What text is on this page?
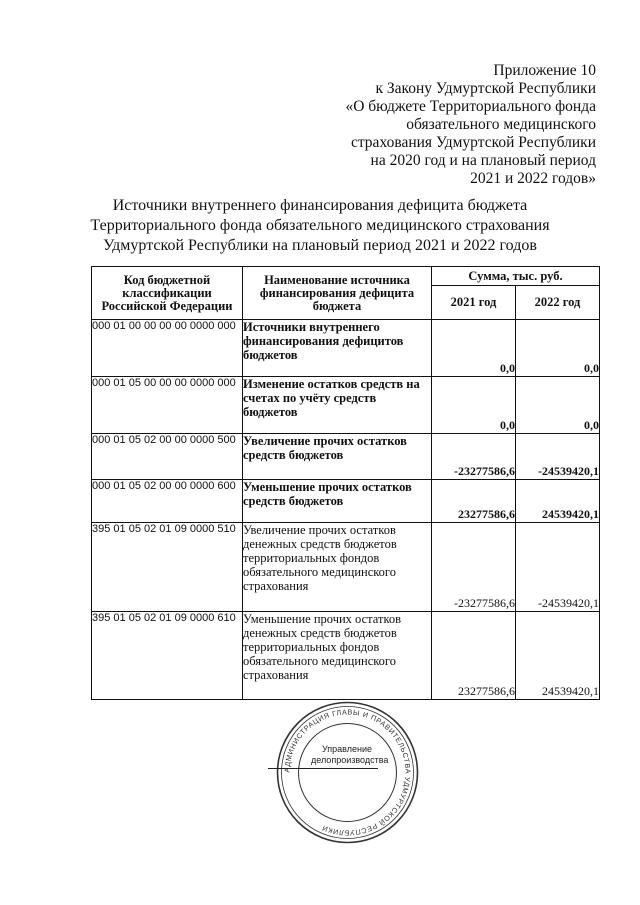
Приложение 10
к Закону Удмуртской Республики
«О бюджете Территориального фонда
обязательного медицинского
страхования Удмуртской Республики
на 2020 год и на плановый период
2021 и 2022 годов»
Источники внутреннего финансирования дефицита бюджета
Территориального фонда обязательного медицинского страхования
Удмуртской Республики на плановый период 2021 и 2022 годов
Код бюджетной классификации Российской Федерации	Наименование источника финансирования дефицита бюджета	Сумма, тыс. руб.	
		2021 год	2022 год
000 01 00 00 00 00 0000 000	Источники внутреннего финансирования дефицитов бюджетов	0,0	0,0
000 01 05 00 00 00 0000 000	Изменение остатков средств на счетах по учёту средств бюджетов	0,0	0,0
000 01 05 02 00 00 0000 500	Увеличение прочих остатков средств бюджетов	-23277586,6	-24539420,1
000 01 05 02 00 00 0000 600	Уменьшение прочих остатков средств бюджетов	23277586,6	24539420,1
395 01 05 02 01 09 0000 510	Увеличение прочих остатков денежных средств бюджетов территориальных фондов обязательного медицинского страхования	-23277586,6	-24539420,1
395 01 05 02 01 09 0000 610	Уменьшение прочих остатков денежных средств бюджетов территориальных фондов обязательного медицинского страхования	23277586,6	24539420,1
АДМИНИСТРАЦИЯ ГЛАВЫ И ПРАВИТЕЛЬСТВА УДМУРТСКОЙ РЕСПУБЛИКИ
Управление
делопроизводства
